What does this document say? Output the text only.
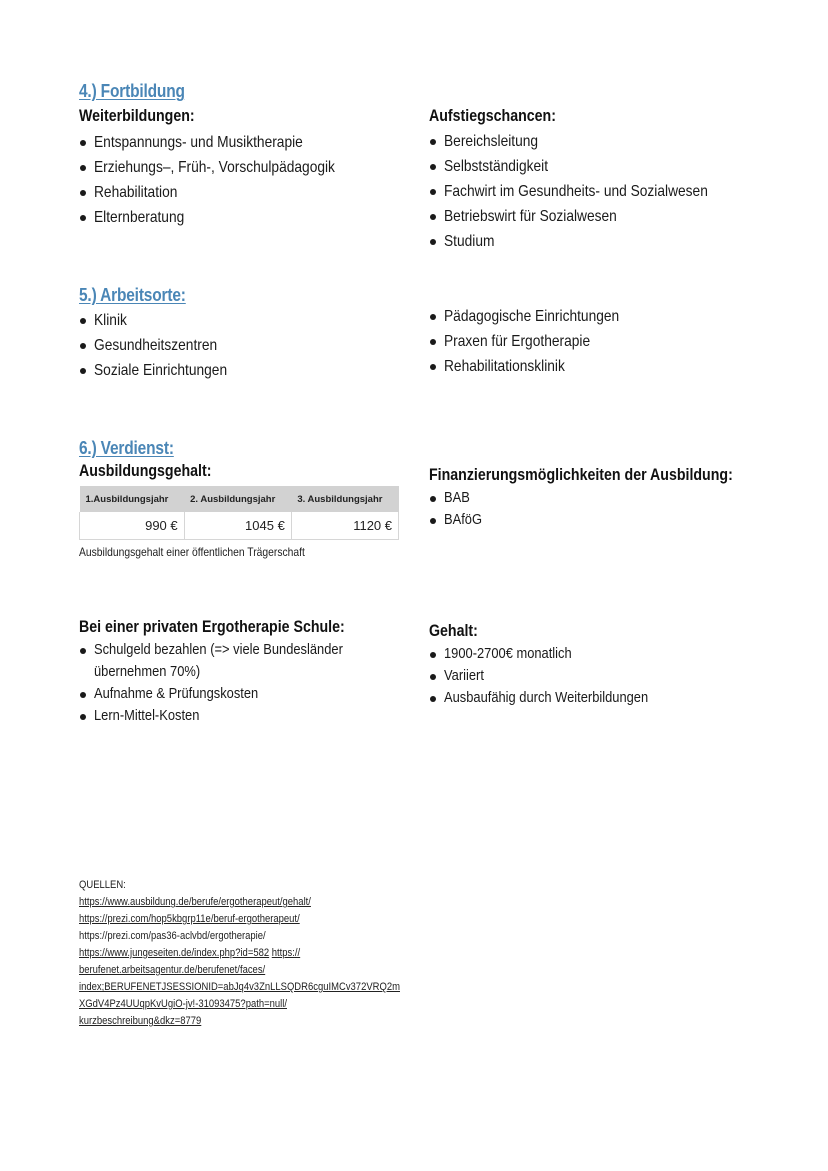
4.) Fortbildung
Weiterbildungen:
Entspannungs- und Musiktherapie
Erziehungs–, Früh-, Vorschulpädagogik
Rehabilitation
Elternberatung
Aufstiegschancen:
Bereichsleitung
Selbstständigkeit
Fachwirt im Gesundheits- und Sozialwesen
Betriebswirt für Sozialwesen
Studium
5.) Arbeitsorte:
Klinik
Gesundheitszentren
Soziale Einrichtungen
Pädagogische Einrichtungen
Praxen für Ergotherapie
Rehabilitationsklinik
6.) Verdienst:
Ausbildungsgehalt:
1.Ausbildungsjahr	2. Ausbildungsjahr	3. Ausbildungsjahr
990 €	1045 €	1120 €
Ausbildungsgehalt einer öffentlichen Trägerschaft
Finanzierungsmöglichkeiten der Ausbildung:
BAB
BAföG
Bei einer privaten Ergotherapie Schule:
Schulgeld bezahlen (=> viele Bundesländer
übernehmen 70%)
Aufnahme & Prüfungskosten
Lern-Mittel-Kosten
Gehalt:
1900-2700€ monatlich
Variiert
Ausbaufähig durch Weiterbildungen
QUELLEN:
https://www.ausbildung.de/berufe/ergotherapeut/gehalt/
https://prezi.com/hop5kbgrp11e/beruf-ergotherapeut/
https://prezi.com/pas36-aclvbd/ergotherapie/
https://www.jungeseiten.de/index.php?id=582 https://
berufenet.arbeitsagentur.de/berufenet/faces/
index;BERUFENETJSESSIONID=abJq4v3ZnLLSQDR6cguIMCv372VRQ2m
XGdV4Pz4UUqpKvUgiO-jv!-31093475?path=null/
kurzbeschreibung&dkz=8779
